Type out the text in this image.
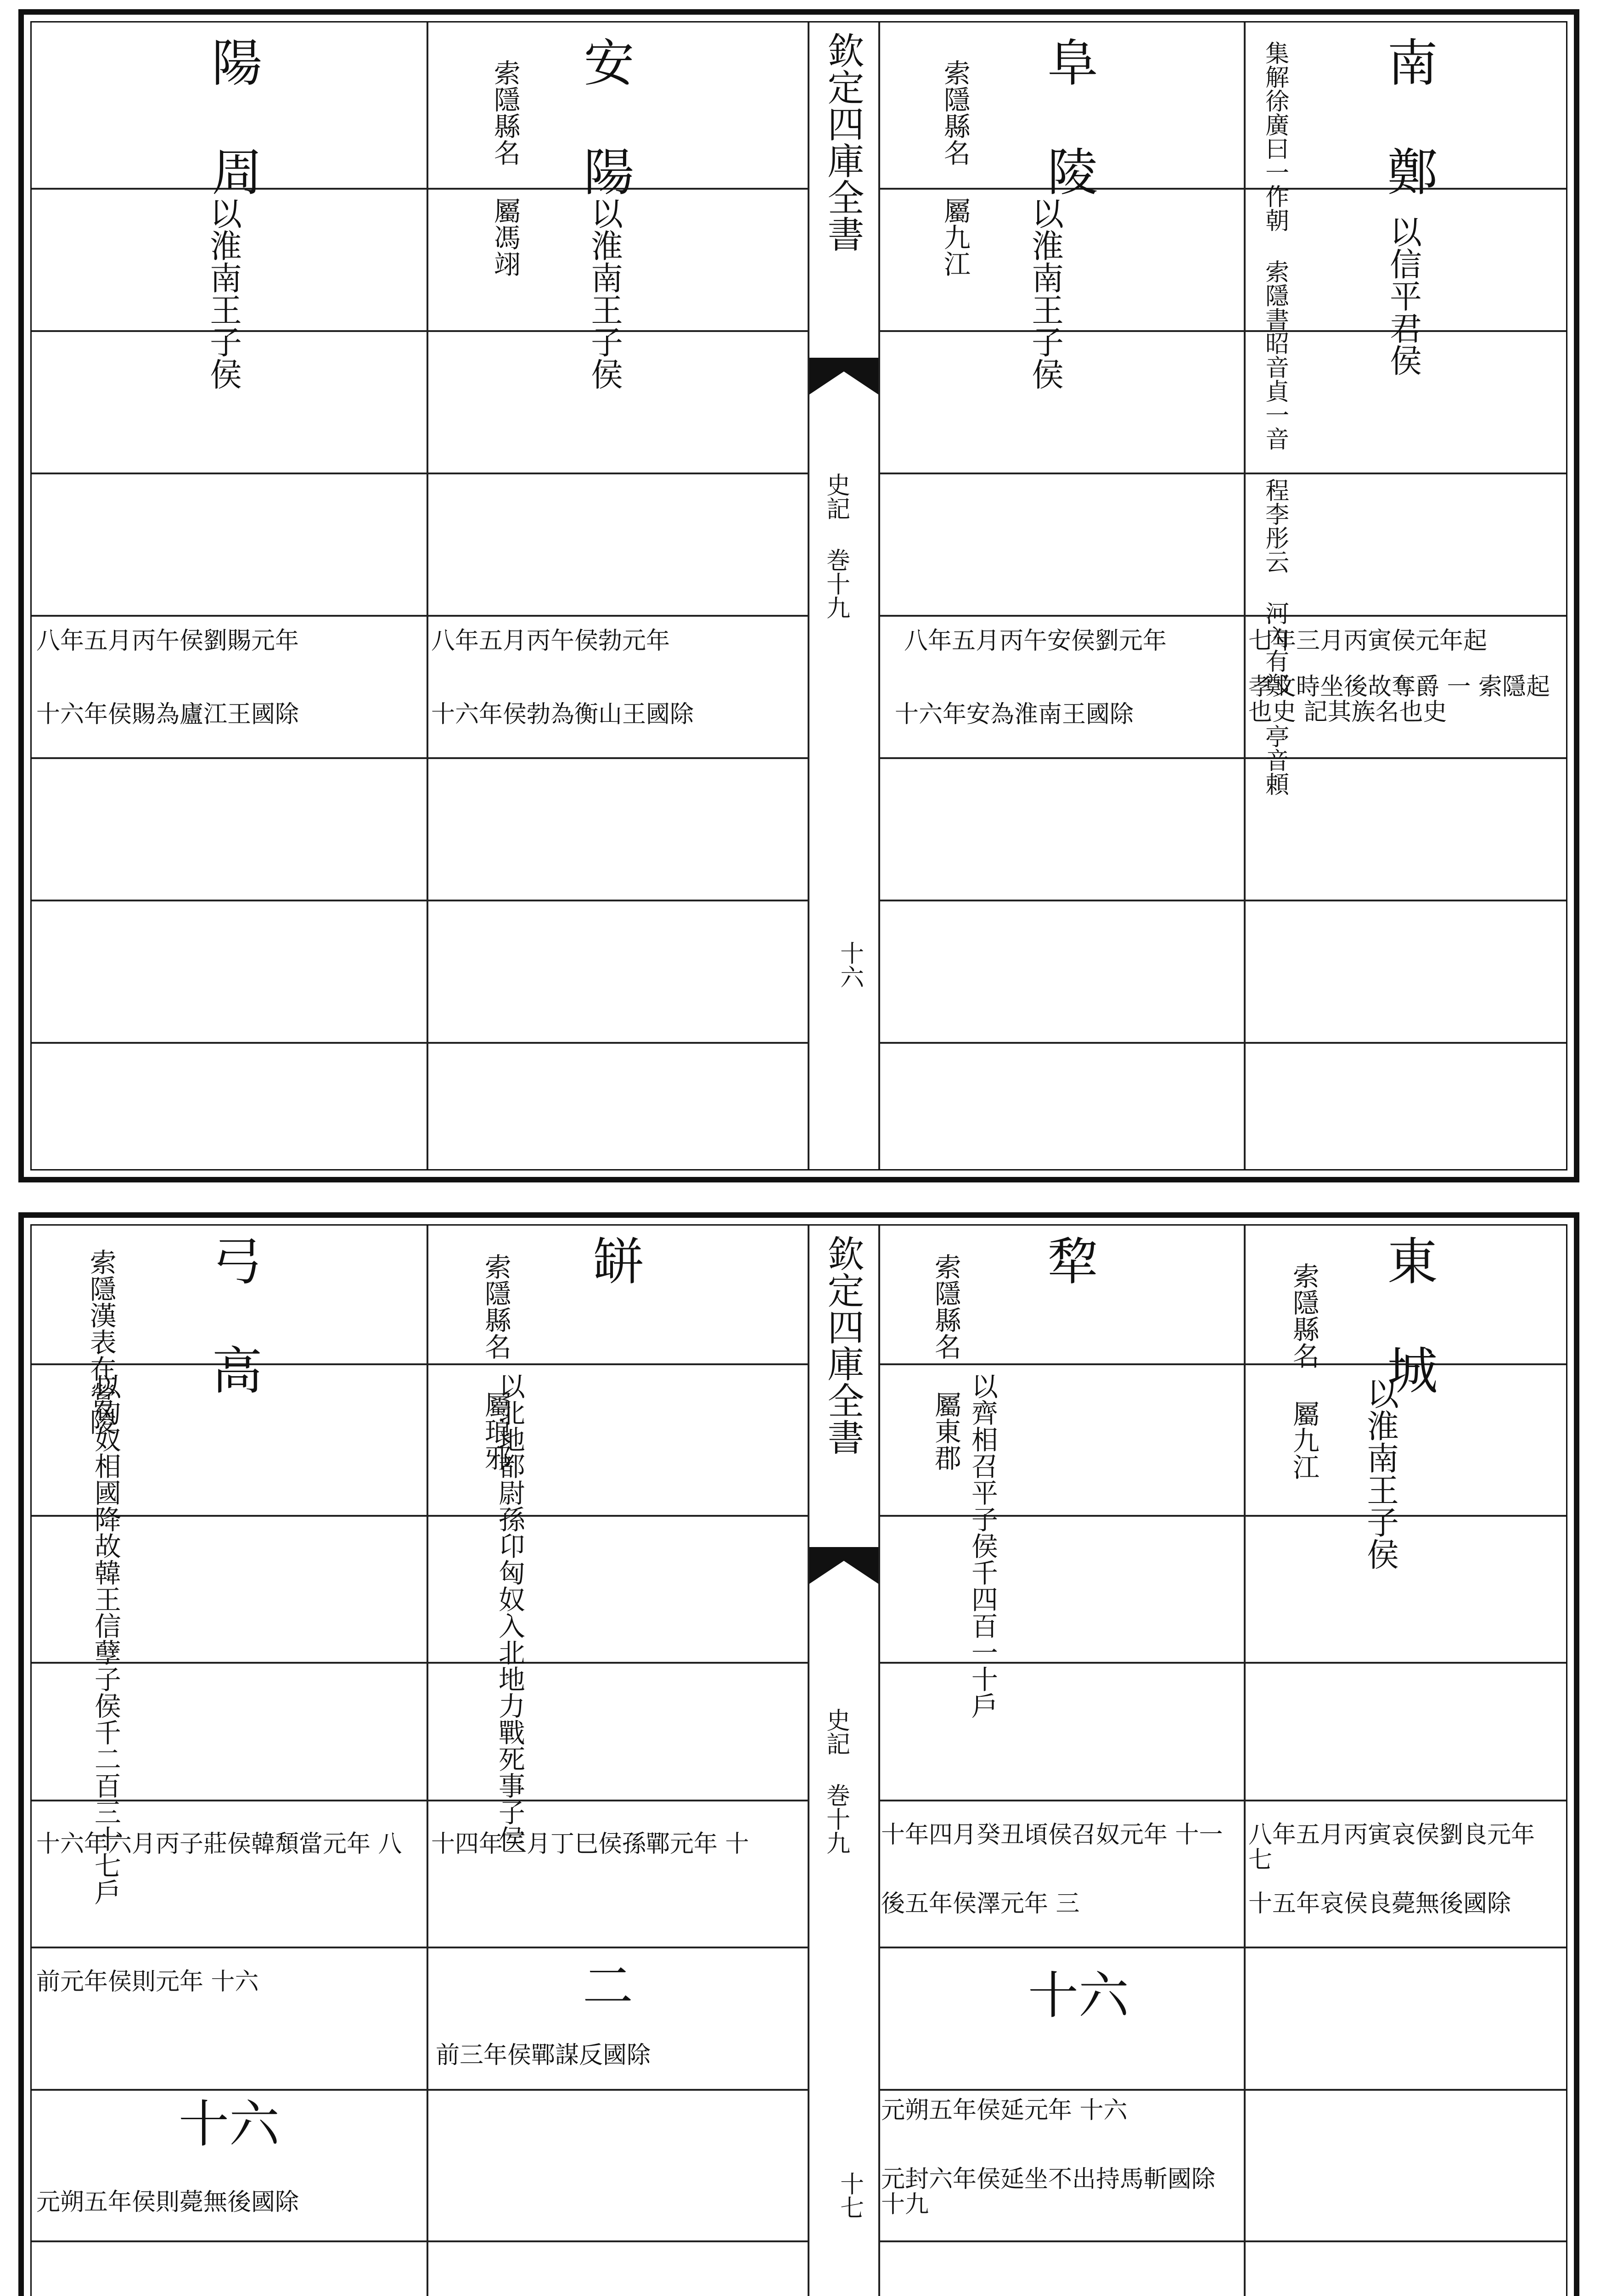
陽 周
以淮南王子侯
八年五月丙午侯劉賜元年
十六年侯賜為廬江王國除
安 陽
索隱縣名 屬馮翊
以淮南王子侯
八年五月丙午侯勃元年
十六年侯勃為衡山王國除
欽定四庫全書
史記 巻十九
十六
阜 陵
索隱縣名 屬九江
以淮南王子侯
八年五月丙午安侯劉元年
十六年安為淮南王國除
南 鄭
集解徐廣曰一作朝 索隱書昭音貞一音 程李彤云 河內有鄭 亭音頼	以信平君侯
七年三月丙寅侯元年起
孝文時坐後故奪爵 一 索隱起也史 記其族名也史
弓 高
索隱漢表在營陵
以匈奴相國降故韓王信孽子侯千二百三十七戶
十六年六月丙子莊侯韓頽當元年 八
前元年侯則元年 十六
十六
元朔五年侯則薨無後國除
缾
索隱縣名 屬琅邪
以北地都尉孫卬匈奴入北地力戰死事子侯
十四年三月丁巳侯孫鄲元年 十
二
前三年侯鄲謀反國除
欽定四庫全書
史記 巻十九
十七
犂
索隱縣名 屬東郡
以齊相召平子侯千四百一十戶
十年四月癸丑頃侯召奴元年 十一
後五年侯澤元年 三
十六
元朔五年侯延元年 十六
元封六年侯延坐不出持馬斬國除 十九
東 城
索隱縣名 屬九江 以淮南王子侯
八年五月丙寅哀侯劉良元年 七
十五年哀侯良薨無後國除
